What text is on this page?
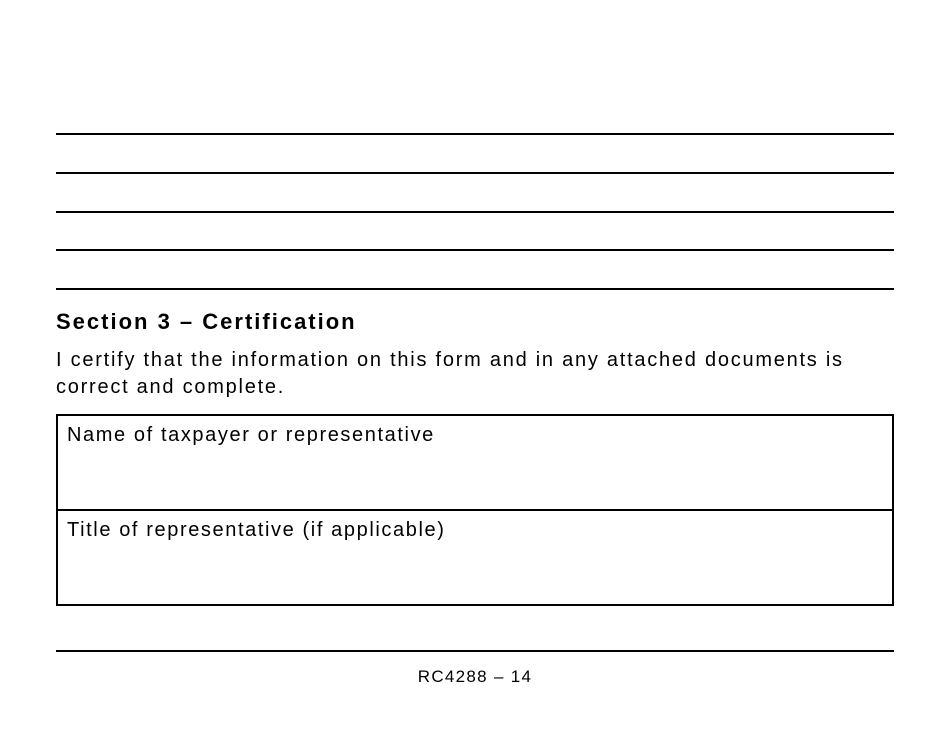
Section 3 – Certification

I certify that the information on this form and in any attached documents is correct and complete.

Name of taxpayer or representative
Title of representative (if applicable)
RC4288 – 14
